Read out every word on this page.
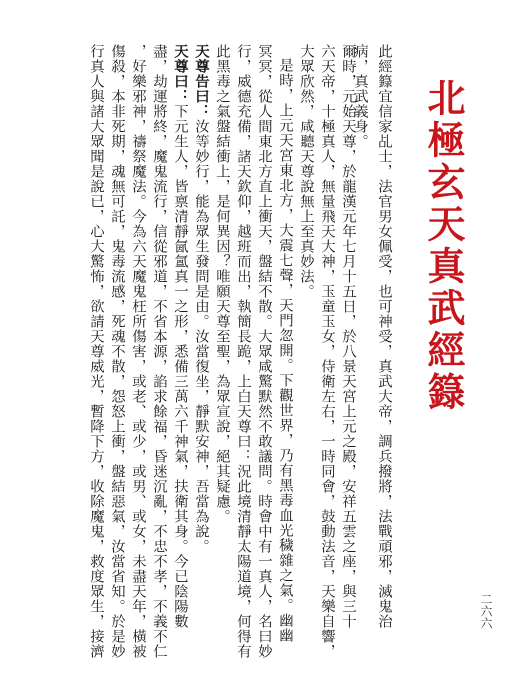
北極玄天真武經籙
此經籙宜信家乩士，法官男女佩受，也可神受，真武大帝，調兵撥將，法戰頑邪，滅鬼治
病，真武義身。
爾時，元始天尊，於龍漢元年七月十五日，於八景天宮上元之殿，安祥五雲之座，與三十
六天帝，十極真人，無量飛天大神，玉童玉女，侍衛左右，一時同會，鼓動法音，天樂自響，
大眾欣然，咸聽天尊說無上至真妙法。
是時，上元天宮東北方，大震七聲，天門忽開。下觀世界，乃有黑毒血光穢雜之氣。幽幽
冥冥，從人間東北方直上衝天，盤結不散。大眾咸驚默然不敢議問。時會中有一真人，名曰妙
行，威德充備，諸天欽仰，越班而出，執簡長跪，上白天尊曰：況此境清靜太陽道境，何得有
此黑毒之氣盤結衝上，是何異因？唯願天尊至聖，為眾宣說，絕其疑慮。
天尊告曰：汝等妙行，能為眾生發問是由。汝當復坐，靜默安神，吾當為說。
天尊曰：下元生人，皆禀清靜氤氳真一之形，悉備三萬六千神氣，扶衛其身。今已陰陽數
盡，劫運將終，魔鬼流行，信從邪道，不省本源，諂求餘福，昏迷沉亂，不忠不孝，不義不仁
，好樂邪神，禱祭魔法。今為六天魔鬼枉所傷害，或老、或少，或男、或女，未盡天年，橫被
傷殺，本非死期，魂無可託，鬼毒流感，死魂不散，怨怒上衝，盤結惡氣，汝當省知。於是妙
行真人與諸大眾聞是說已，心大驚怖，欲請天尊威光，暫降下方，收除魔鬼，救度眾生，接濟	二六六
